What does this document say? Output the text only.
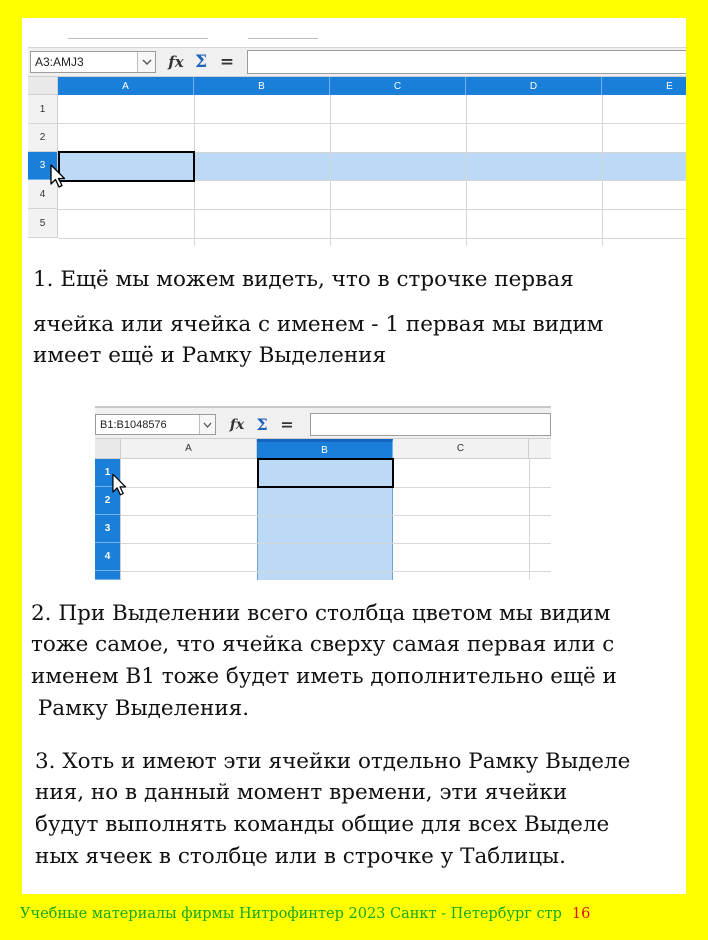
A3:AMJ3	fx Σ =
A	B	C	D	E
1
2
3
4
5
1. Ещё мы можем видеть, что в строчке первая
ячейка или ячейка с именем - 1 первая мы видим
имеет ещё и Рамку Выделения
B1:B1048576	fx Σ =
A	B	C
1
2
3
4
2. При Выделении всего столбца цветом мы видим
тоже самое, что ячейка сверху самая первая или с
именем В1 тоже будет иметь дополнительно ещё и
Рамку Выделения.
3. Хоть и имеют эти ячейки отдельно Рамку Выделе
ния, но в данный момент времени, эти ячейки
будут выполнять команды общие для всех Выделе
ных ячеек в столбце или в строчке у Таблицы.
Учебные материалы фирмы Нитрофинтер 2023 Санкт - Петербург стр 16
